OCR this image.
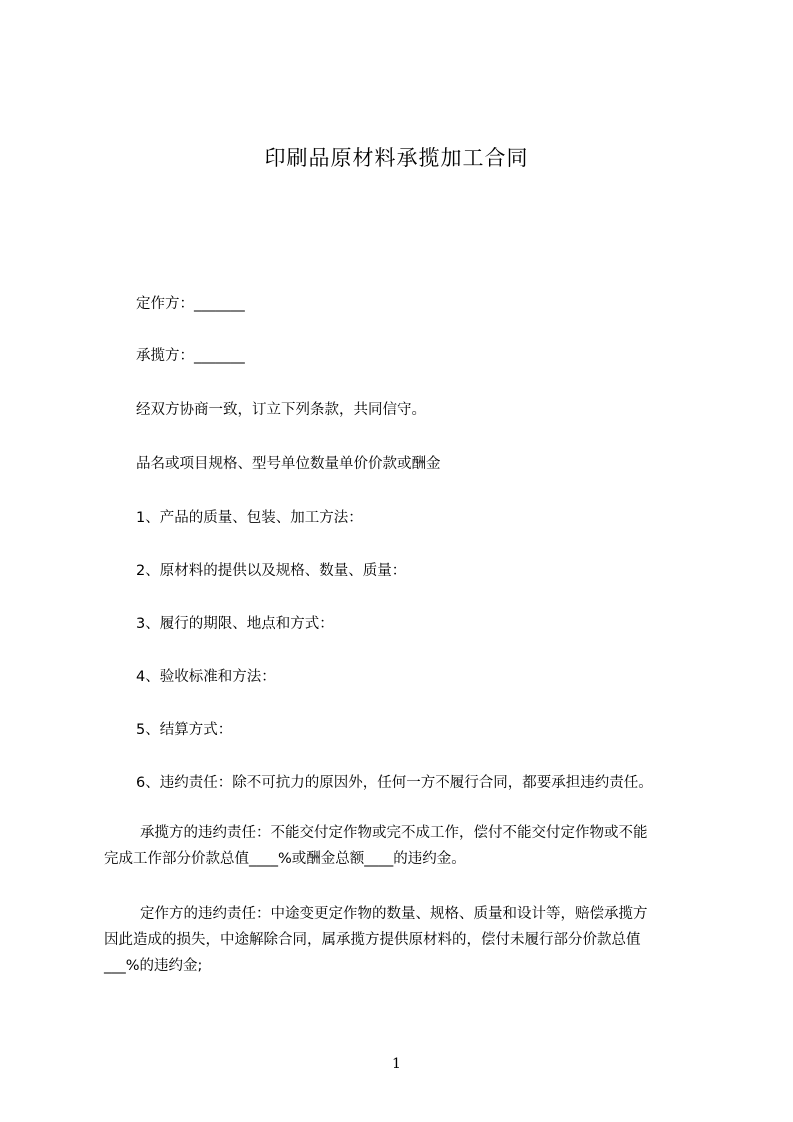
印刷品原材料承揽加工合同
定作方：_______
承揽方：_______
经双方协商一致，订立下列条款，共同信守。
品名或项目规格、型号单位数量单价价款或酬金
1、产品的质量、包装、加工方法：
2、原材料的提供以及规格、数量、质量：
3、履行的期限、地点和方式：
4、验收标准和方法：
5、结算方式：
6、违约责任：除不可抗力的原因外，任何一方不履行合同，都要承担违约责任。
承揽方的违约责任：不能交付定作物或完不成工作，偿付不能交付定作物或不能
完成工作部分价款总值____%或酬金总额____的违约金。
定作方的违约责任：中途变更定作物的数量、规格、质量和设计等，赔偿承揽方
因此造成的损失，中途解除合同，属承揽方提供原材料的，偿付未履行部分价款总值
___%的违约金;
1
